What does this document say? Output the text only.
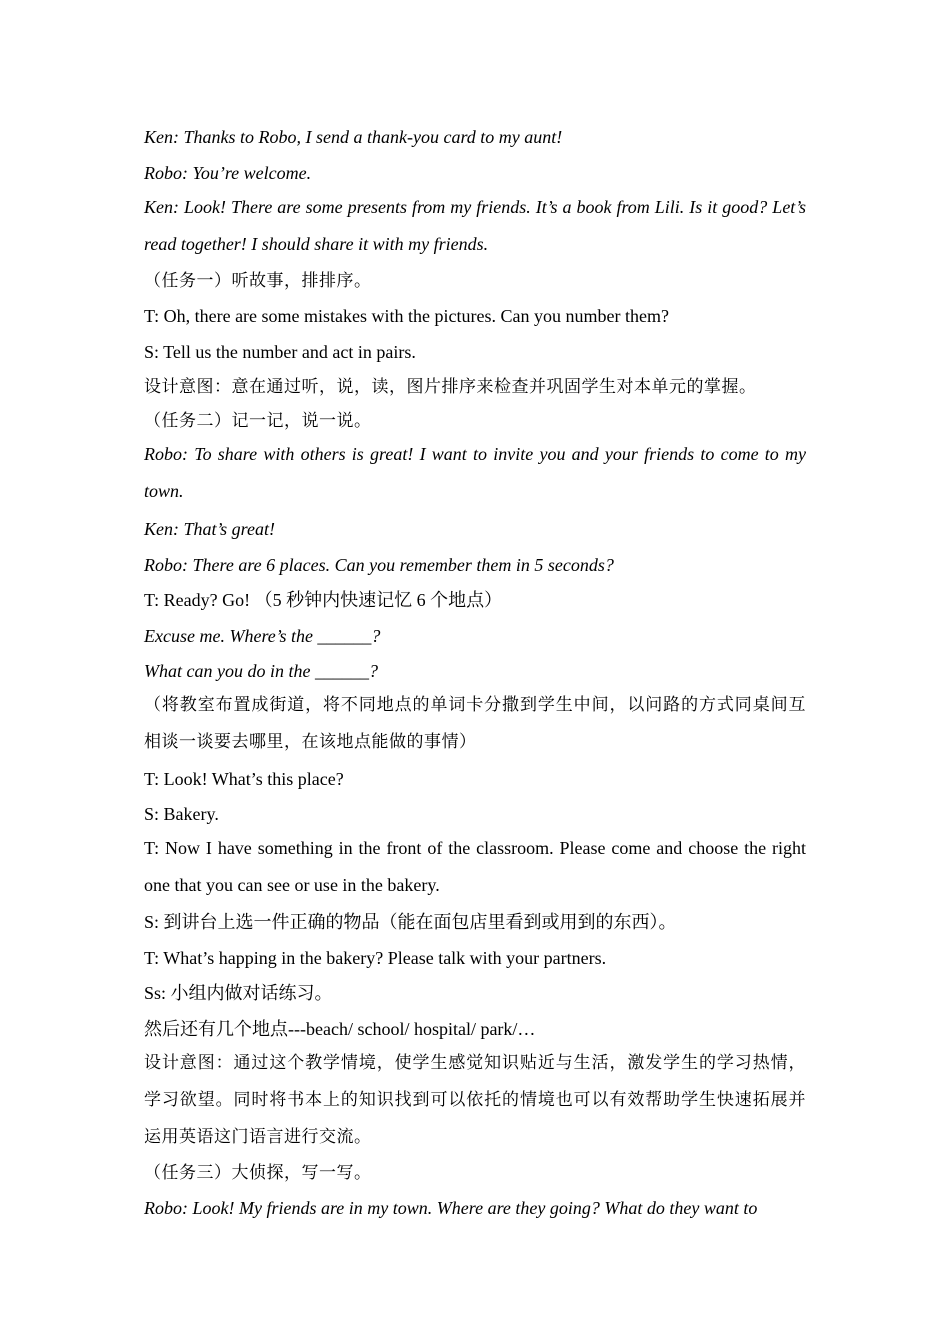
Ken: Thanks to Robo, I send a thank-you card to my aunt!
Robo: You’re welcome.
Ken: Look! There are some presents from my friends. It’s a book from Lili. Is it good? Let’s read together! I should share it with my friends.
（任务一）听故事，排排序。
T: Oh, there are some mistakes with the pictures. Can you number them?
S: Tell us the number and act in pairs.
设计意图：意在通过听，说，读，图片排序来检查并巩固学生对本单元的掌握。
（任务二）记一记，说一说。
Robo: To share with others is great! I want to invite you and your friends to come to my town.
Ken: That’s great!
Robo: There are 6 places. Can you remember them in 5 seconds?
T: Ready? Go! （5 秒钟内快速记忆 6 个地点）
Excuse me. Where’s the ______?
What can you do in the ______?
（将教室布置成街道，将不同地点的单词卡分撒到学生中间，以问路的方式同桌间互相谈一谈要去哪里，在该地点能做的事情）
T: Look! What’s this place?
S: Bakery.
T: Now I have something in the front of the classroom. Please come and choose the right one that you can see or use in the bakery.
S: 到讲台上选一件正确的物品（能在面包店里看到或用到的东西）。
T: What’s happing in the bakery? Please talk with your partners.
Ss: 小组内做对话练习。
然后还有几个地点---beach/ school/ hospital/ park/…
设计意图：通过这个教学情境，使学生感觉知识贴近与生活，激发学生的学习热情，学习欲望。同时将书本上的知识找到可以依托的情境也可以有效帮助学生快速拓展并运用英语这门语言进行交流。
（任务三）大侦探，写一写。
Robo: Look! My friends are in my town. Where are they going? What do they want to
